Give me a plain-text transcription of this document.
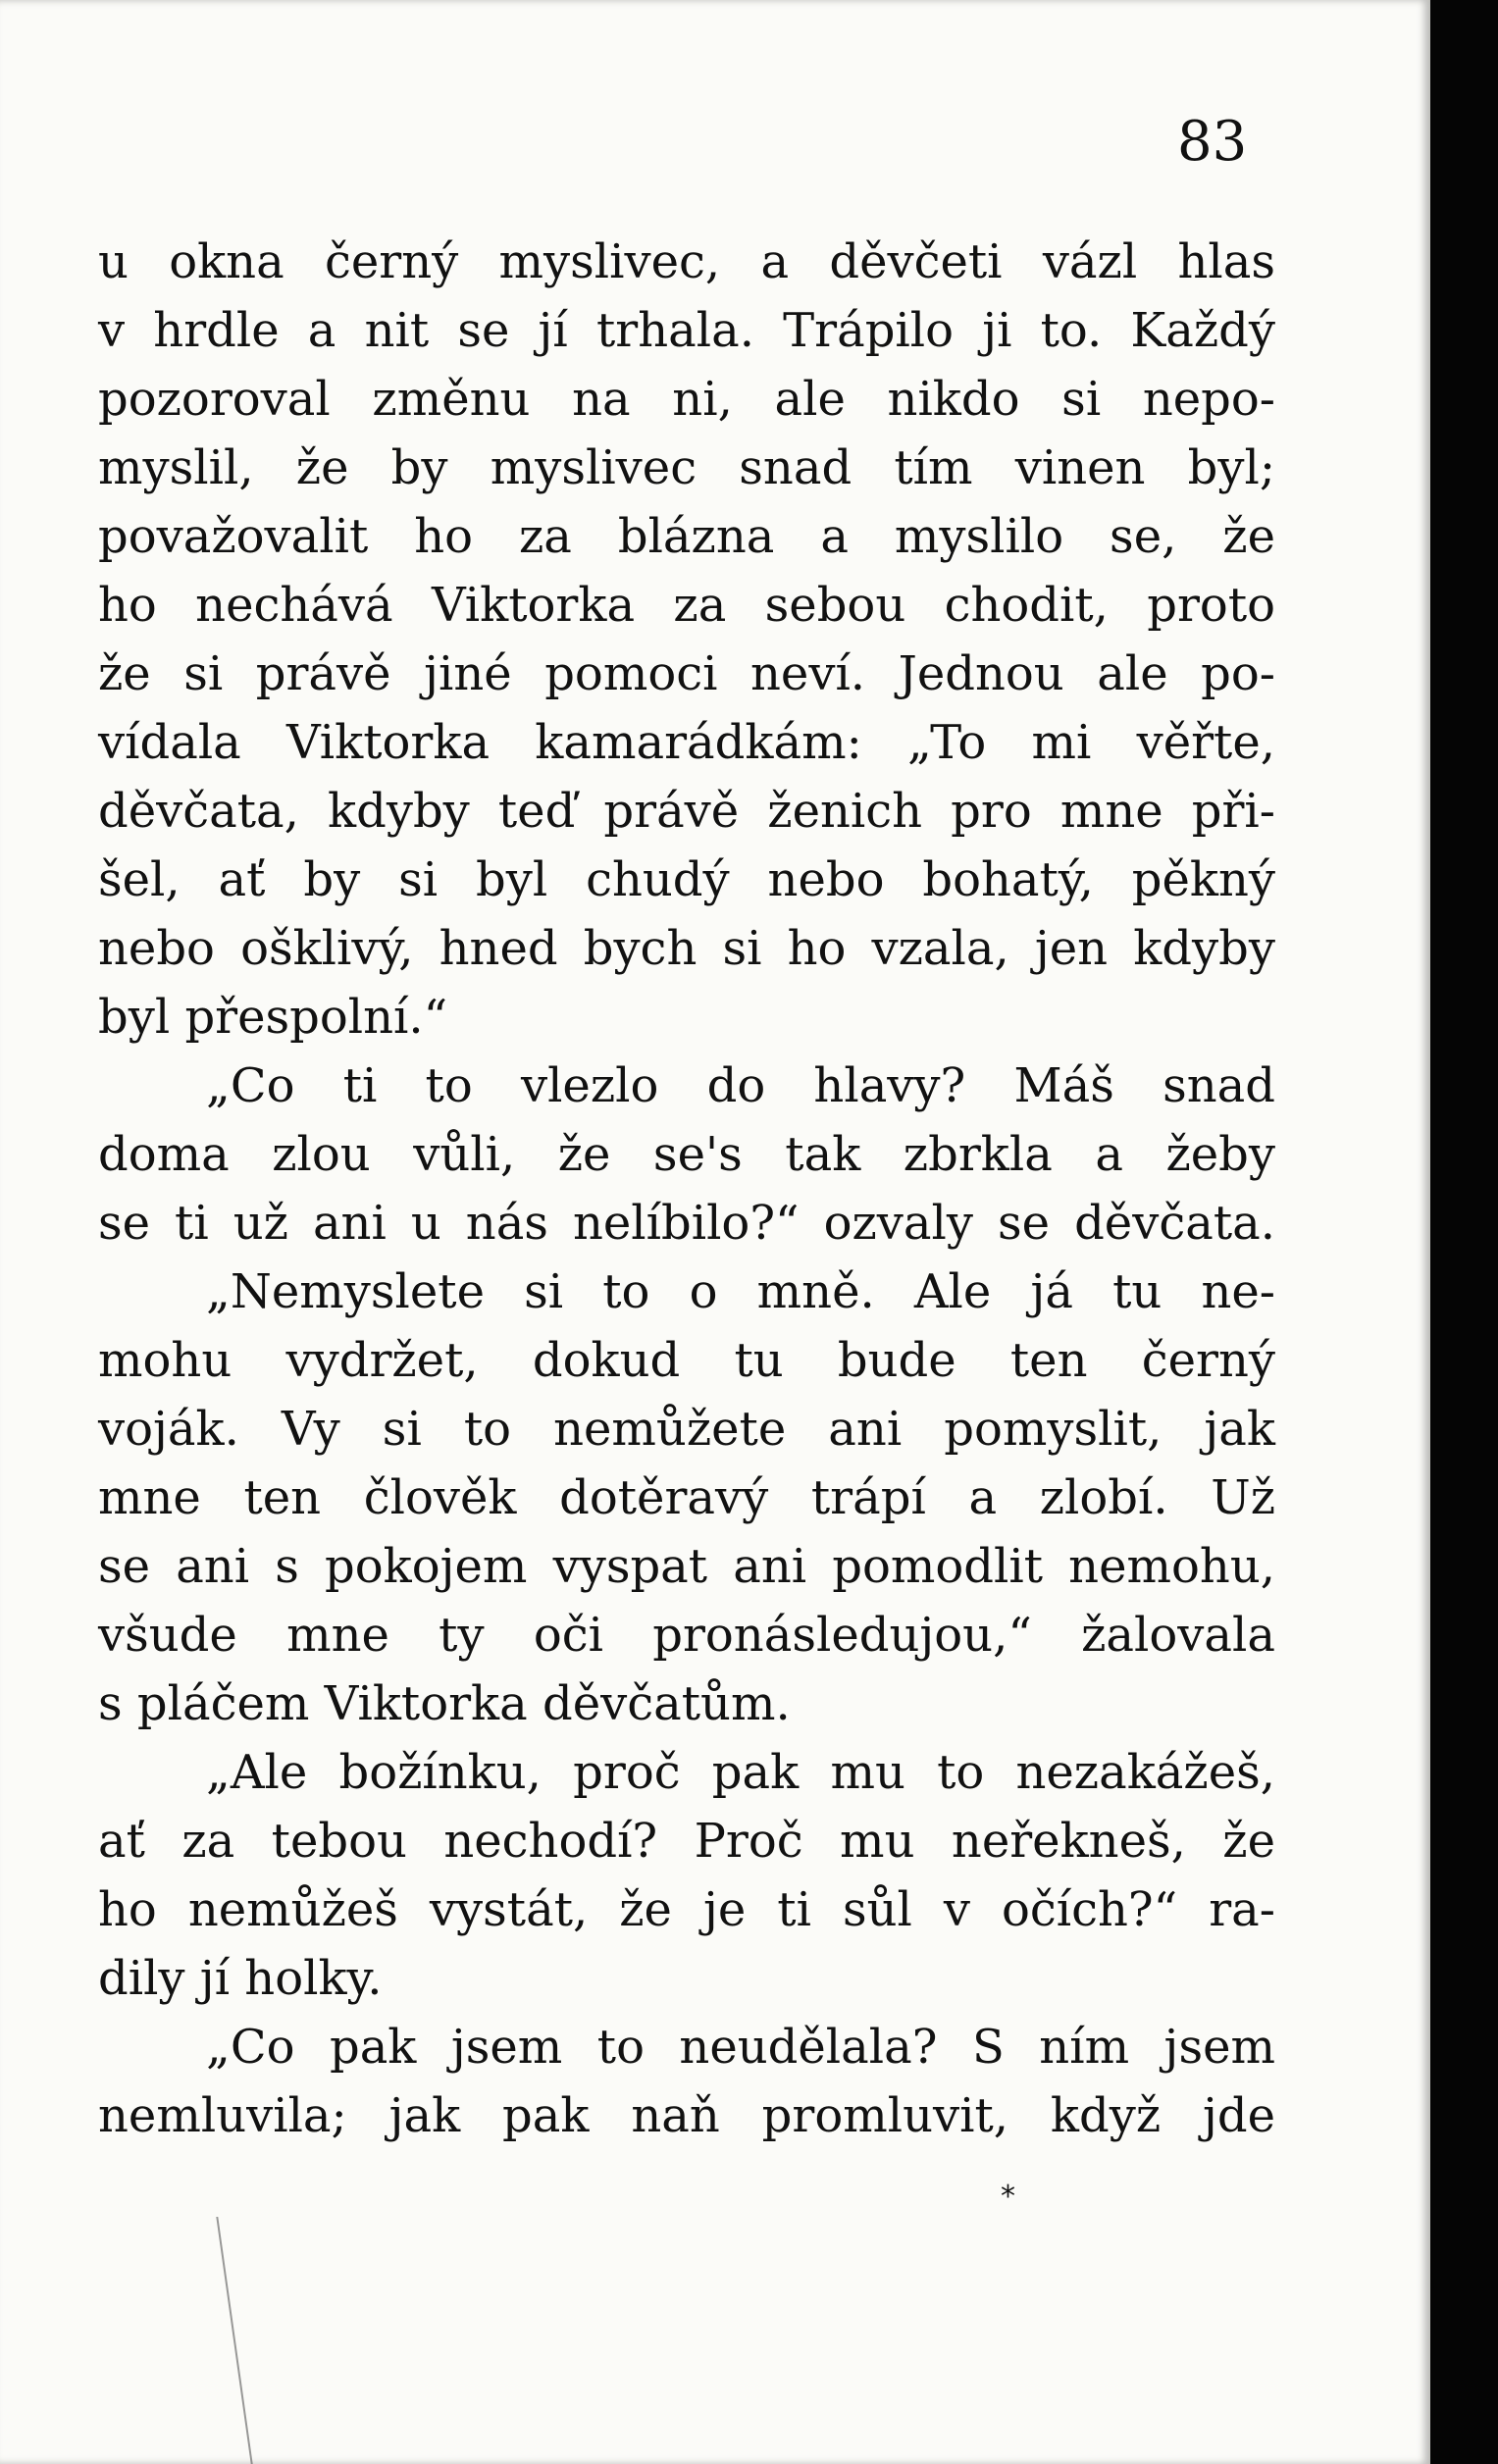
83
u okna černý myslivec, a děvčeti vázl hlas
v hrdle a nit se jí trhala. Trápilo ji to. Každý
pozoroval změnu na ni, ale nikdo si nepo-
myslil, že by myslivec snad tím vinen byl;
považovalit ho za blázna a myslilo se, že
ho nechává Viktorka za sebou chodit, proto
že si právě jiné pomoci neví. Jednou ale po-
vídala Viktorka kamarádkám: „To mi věřte,
děvčata, kdyby teď právě ženich pro mne při-
šel, ať by si byl chudý nebo bohatý, pěkný
nebo ošklivý, hned bych si ho vzala, jen kdyby
byl přespolní.“
„Co ti to vlezlo do hlavy? Máš snad
doma zlou vůli, že se's tak zbrkla a žeby
se ti už ani u nás nelíbilo?“ ozvaly se děvčata.
„Nemyslete si to o mně. Ale já tu ne-
mohu vydržet, dokud tu bude ten černý
voják. Vy si to nemůžete ani pomyslit, jak
mne ten člověk dotěravý trápí a zlobí. Už
se ani s pokojem vyspat ani pomodlit nemohu,
všude mne ty oči pronásledujou,“ žalovala
s pláčem Viktorka děvčatům.
„Ale božínku, proč pak mu to nezakážeš,
ať za tebou nechodí? Proč mu neřekneš, že
ho nemůžeš vystát, že je ti sůl v očích?“ ra-
dily jí holky.
„Co pak jsem to neudělala? S ním jsem
nemluvila; jak pak naň promluvit, když jde
*
